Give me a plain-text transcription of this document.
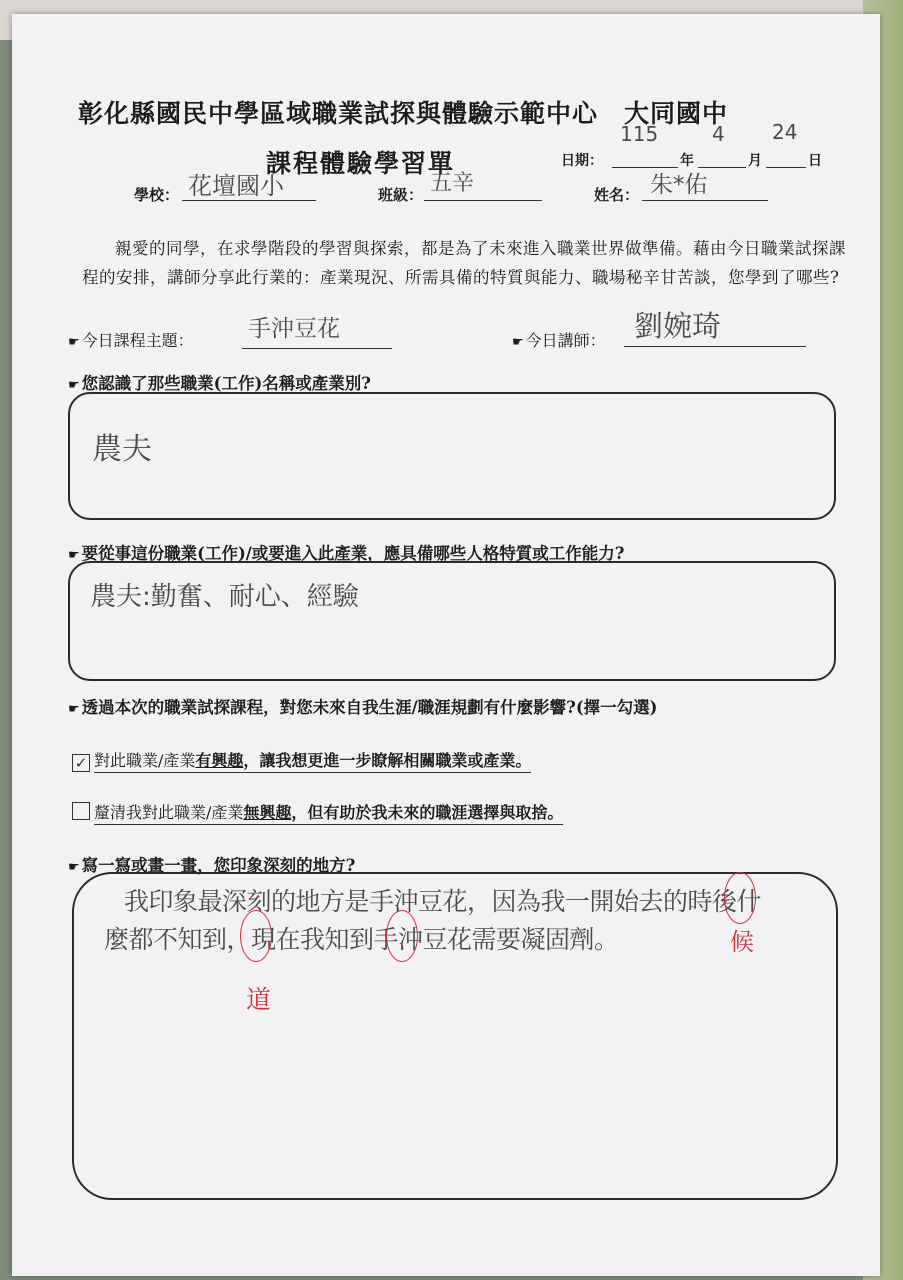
彰化縣國民中學區域職業試探與體驗示範中心　大同國中
課程體驗學習單	日期：
115
年
4
月
24
日
學校： 花壇國小	班級： 五辛	姓名： 朱*佑
親愛的同學，在求學階段的學習與探索，都是為了未來進入職業世界做準備。藉由今日職業試探課程的安排，講師分享此行業的：產業現況、所需具備的特質與能力、職場秘辛甘苦談，您學到了哪些?
☛ 今日課程主題： 手沖豆花
☛ 今日講師： 劉婉琦
☛ 您認識了那些職業(工作)名稱或產業別?
農夫
☛ 要從事這份職業(工作)/或要進入此產業，應具備哪些人格特質或工作能力?
農夫:勤奮、耐心、經驗
☛ 透過本次的職業試探課程，對您未來自我生涯/職涯規劃有什麼影響?(擇一勾選)
✓ 對此職業/產業有興趣，讓我想更進一步瞭解相關職業或產業。
釐清我對此職業/產業無興趣，但有助於我未來的職涯選擇與取捨。
☛ 寫一寫或畫一畫，您印象深刻的地方?
我印象最深刻的地方是手沖豆花，因為我一開始去的時後什
麼都不知到，現在我知到手沖豆花需要凝固劑。	候
道
